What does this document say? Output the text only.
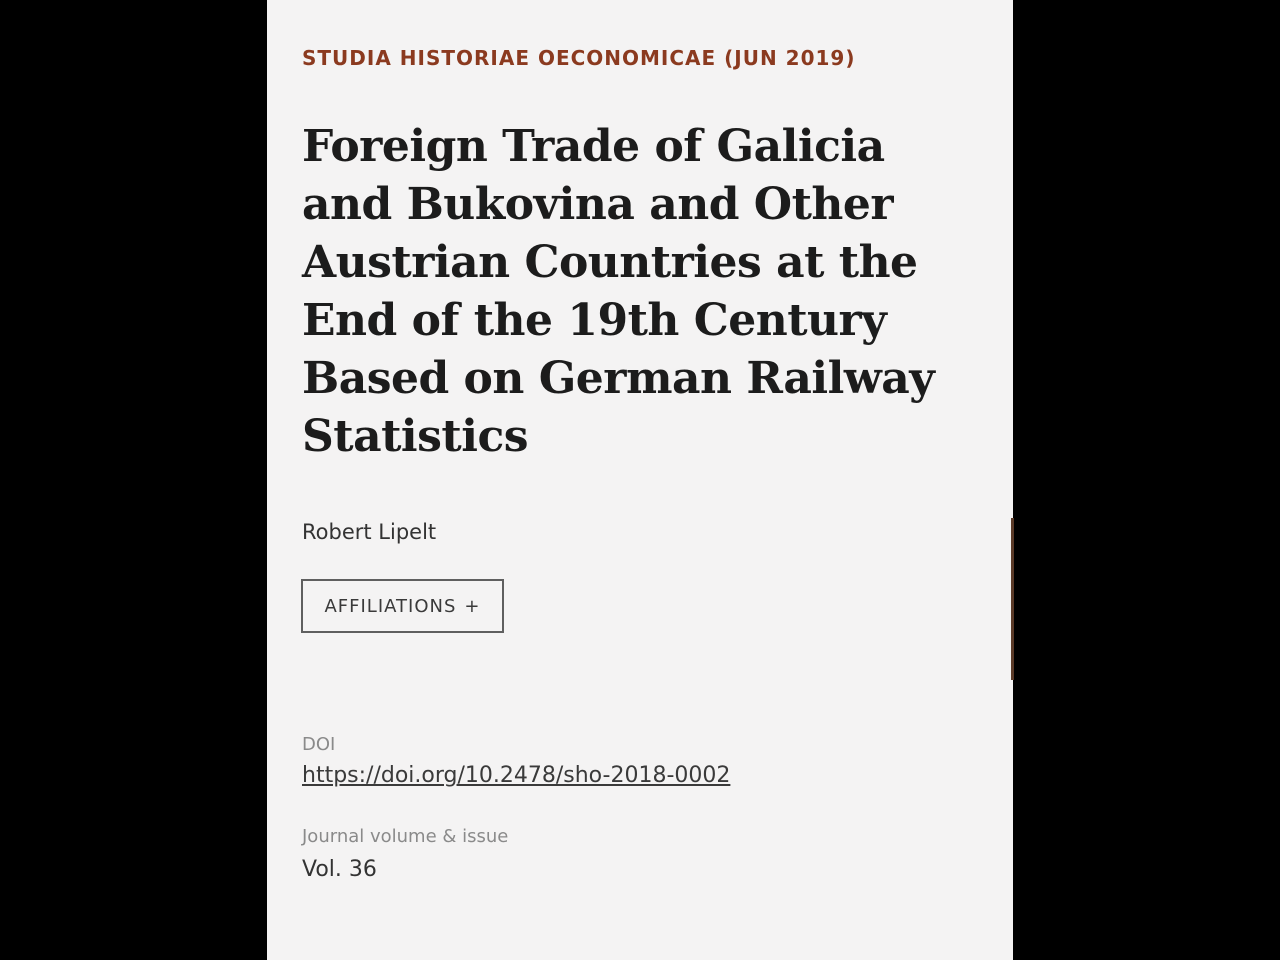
STUDIA HISTORIAE OECONOMICAE (JUN 2019)
Foreign Trade of Galicia and Bukovina and Other Austrian Countries at the End of the 19th Century Based on German Railway Statistics
Robert Lipelt
AFFILIATIONS +
DOI
https://doi.org/10.2478/sho-2018-0002
Journal volume & issue
Vol. 36
